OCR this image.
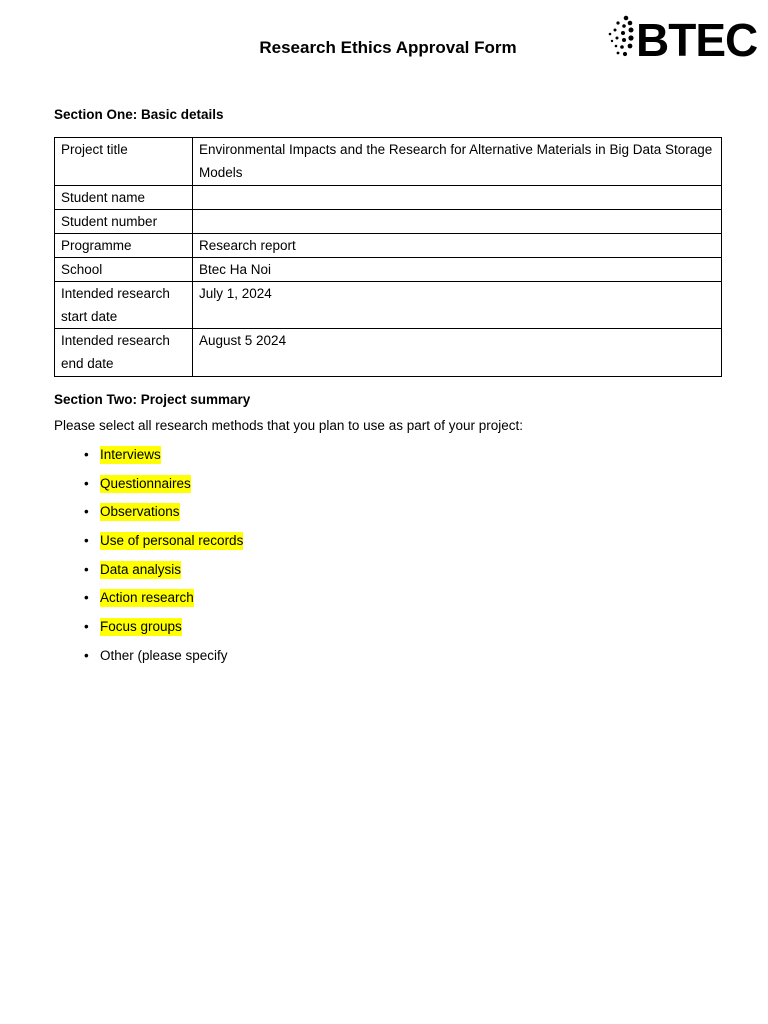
Research Ethics Approval Form	BTEC
Section One: Basic details
Project title	Environmental Impacts and the Research for Alternative Materials in Big Data Storage Models
Student name	
Student number	
Programme	Research report
School	Btec Ha Noi
Intended research start date	July 1, 2024
Intended research end date	August 5 2024
Section Two: Project summary
Please select all research methods that you plan to use as part of your project:
• Interviews
• Questionnaires
• Observations
• Use of personal records
• Data analysis
• Action research
• Focus groups
• Other (please specify
